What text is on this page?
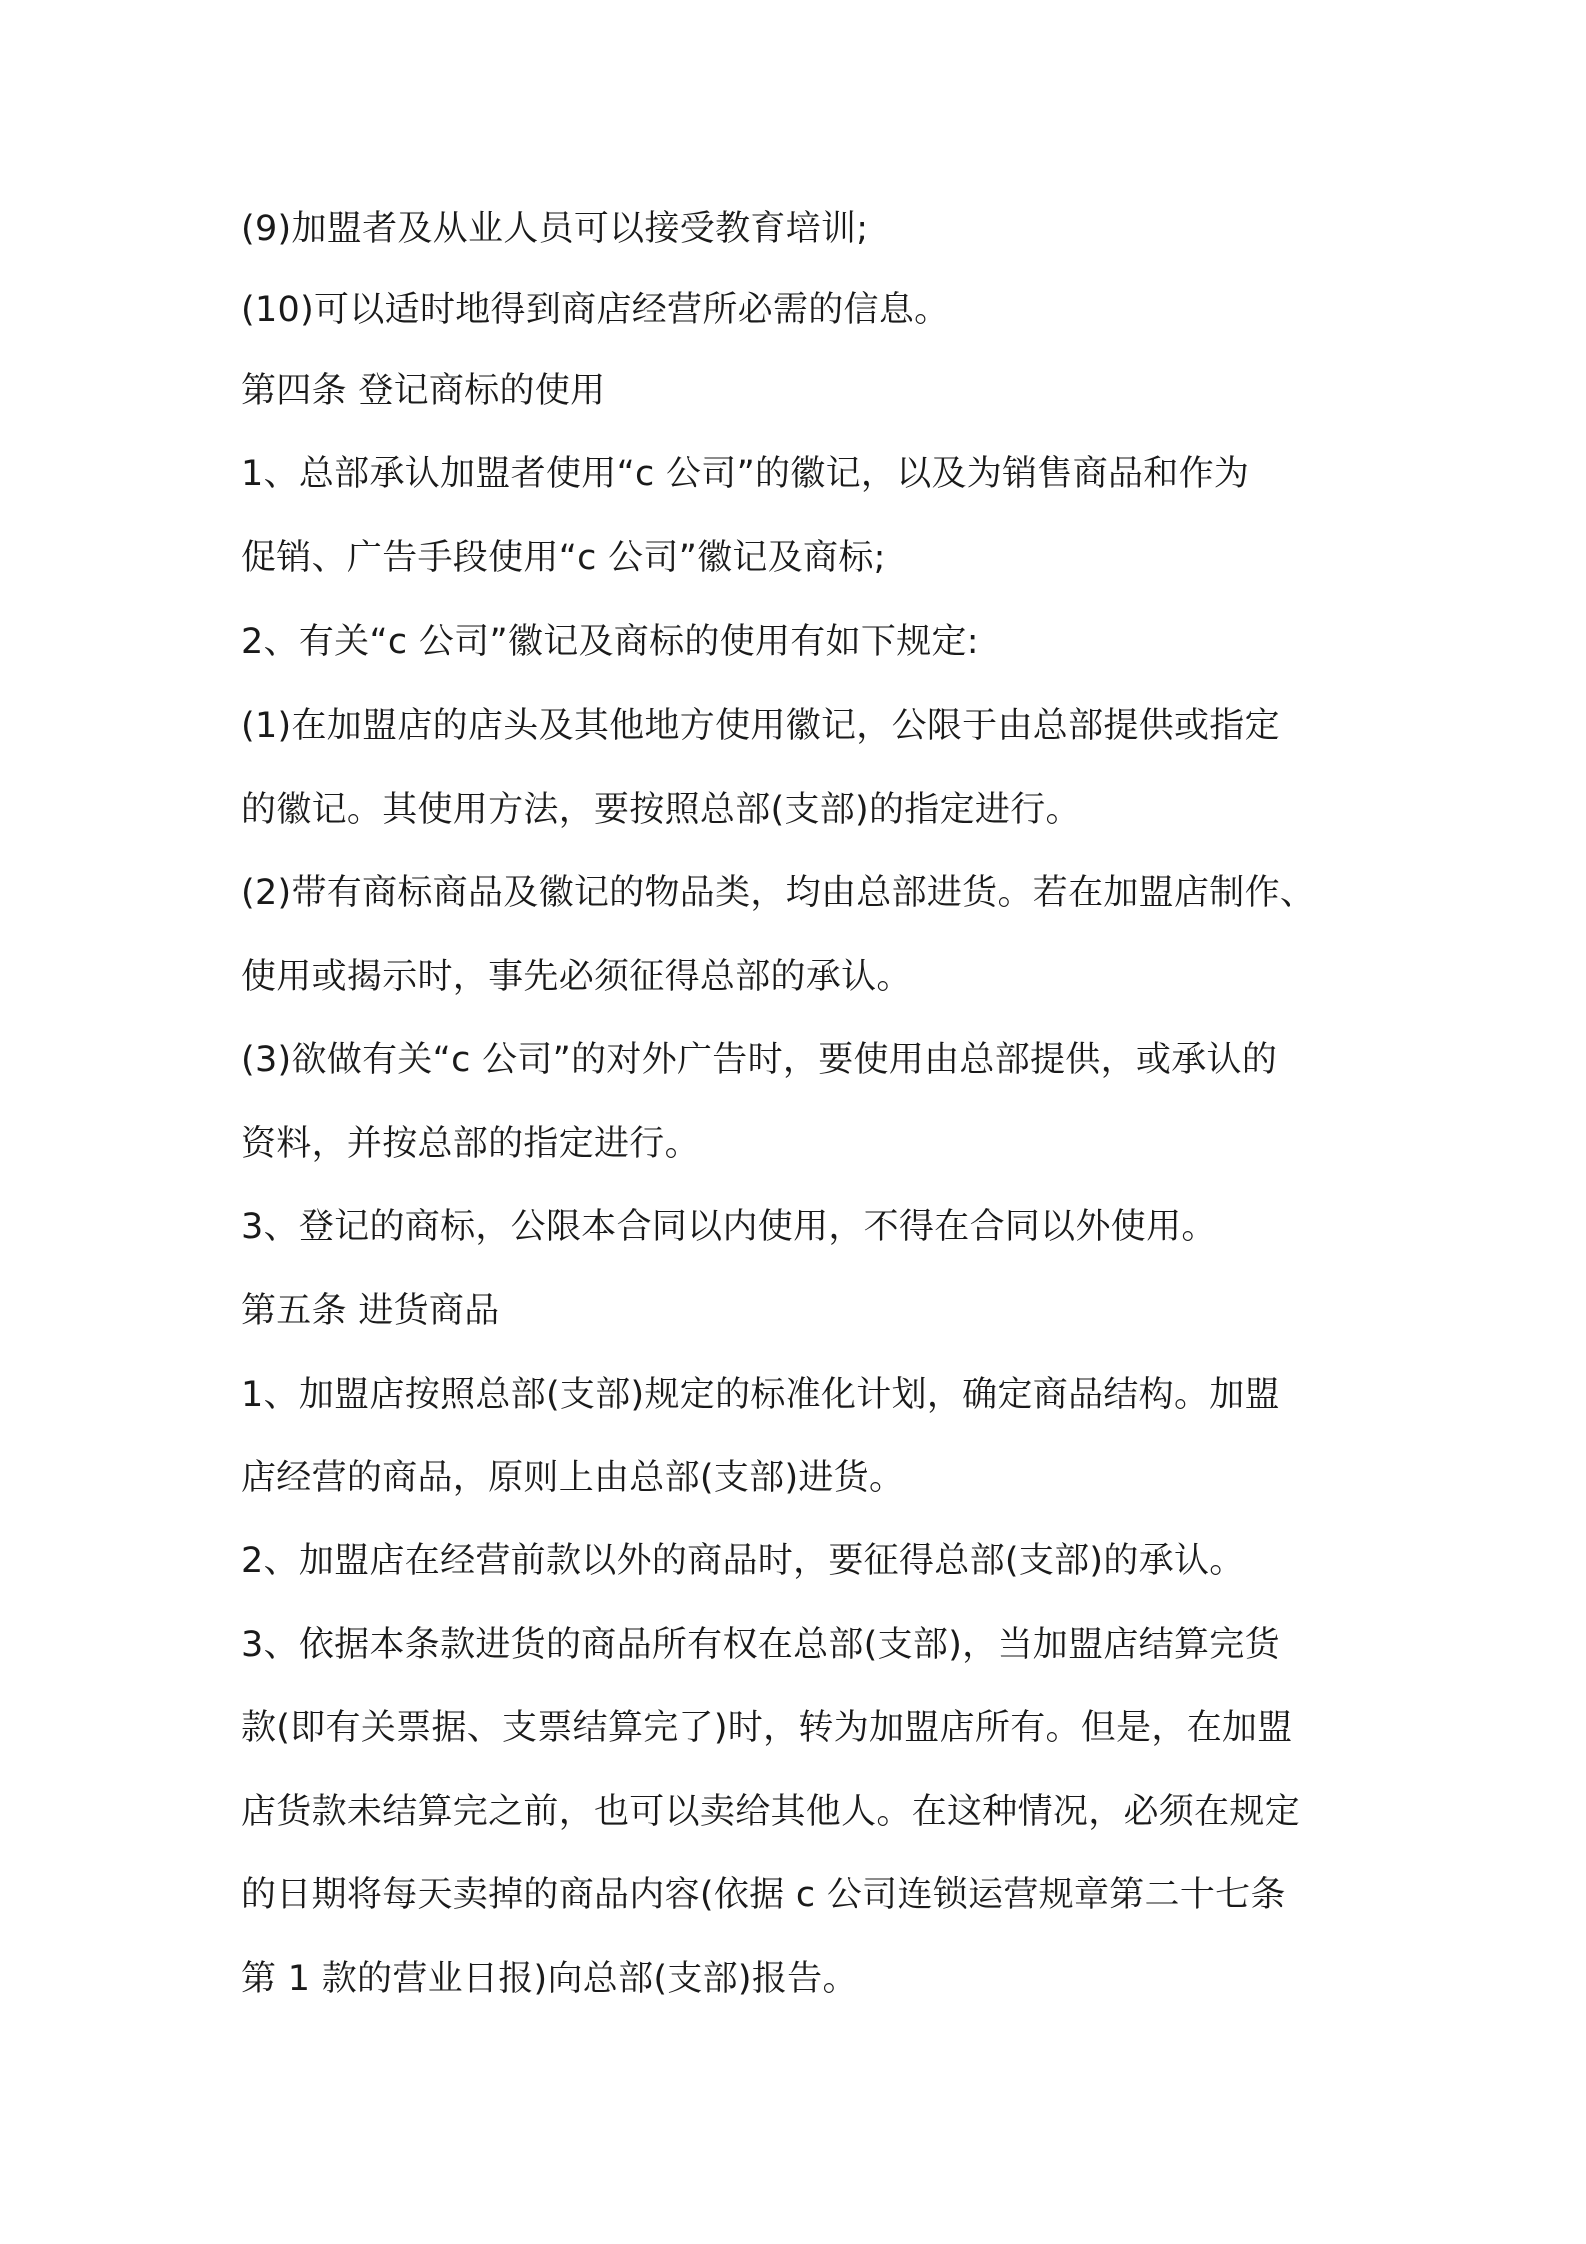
(9)加盟者及从业人员可以接受教育培训;

(10)可以适时地得到商店经营所必需的信息。

第四条 登记商标的使用

1、总部承认加盟者使用“c 公司”的徽记，以及为销售商品和作为

促销、广告手段使用“c 公司”徽记及商标;

2、有关“c 公司”徽记及商标的使用有如下规定:

(1)在加盟店的店头及其他地方使用徽记，公限于由总部提供或指定

的徽记。其使用方法，要按照总部(支部)的指定进行。

(2)带有商标商品及徽记的物品类，均由总部进货。若在加盟店制作、

使用或揭示时，事先必须征得总部的承认。

(3)欲做有关“c 公司”的对外广告时，要使用由总部提供，或承认的

资料，并按总部的指定进行。

3、登记的商标，公限本合同以内使用，不得在合同以外使用。

第五条 进货商品

1、加盟店按照总部(支部)规定的标准化计划，确定商品结构。加盟

店经营的商品，原则上由总部(支部)进货。

2、加盟店在经营前款以外的商品时，要征得总部(支部)的承认。

3、依据本条款进货的商品所有权在总部(支部)，当加盟店结算完货

款(即有关票据、支票结算完了)时，转为加盟店所有。但是，在加盟

店货款未结算完之前，也可以卖给其他人。在这种情况，必须在规定

的日期将每天卖掉的商品内容(依据 c 公司连锁运营规章第二十七条

第 1 款的营业日报)向总部(支部)报告。
